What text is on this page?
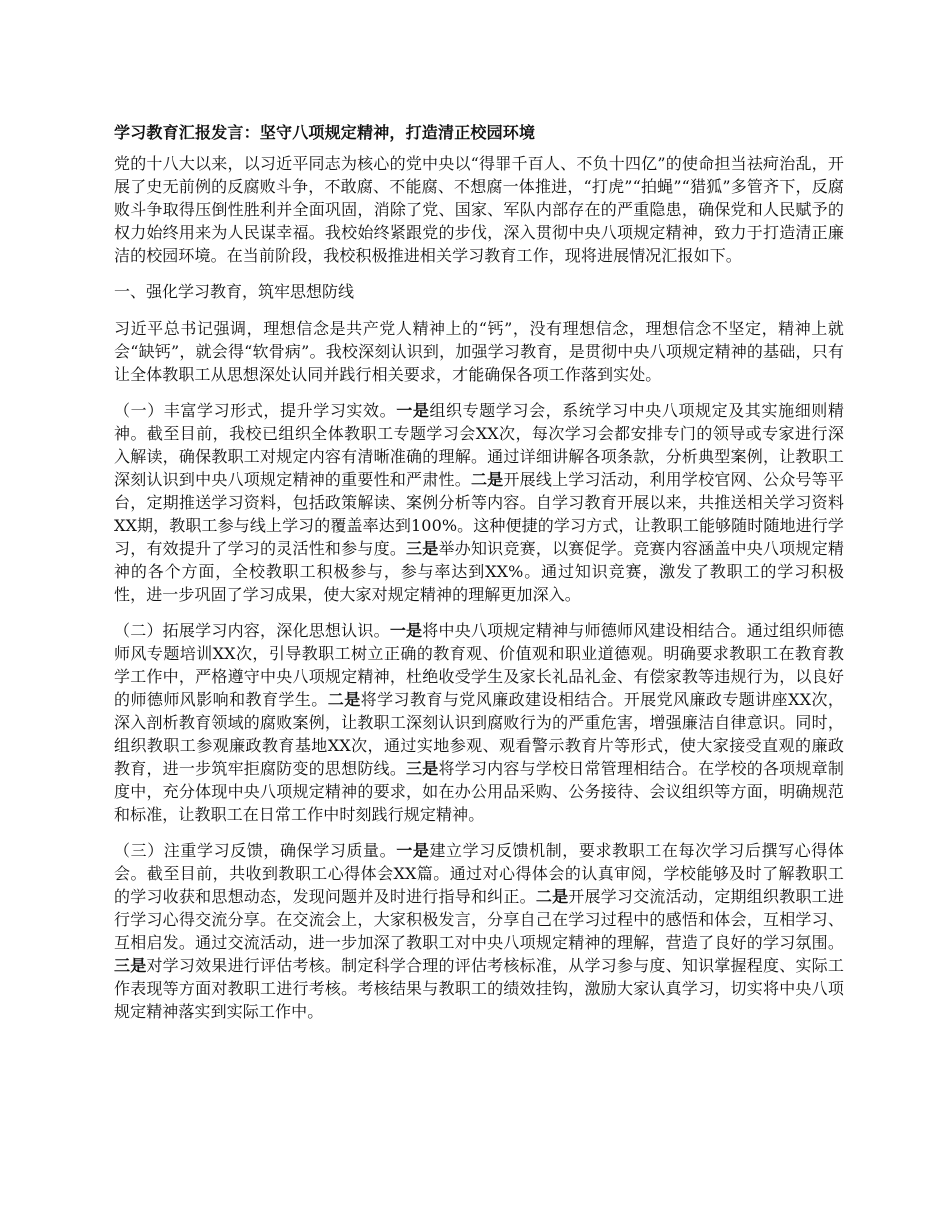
学习教育汇报发言：坚守八项规定精神，打造清正校园环境

党的十八大以来，以习近平同志为核心的党中央以“得罪千百人、不负十四亿”的使命担当祛疴治乱，开展了史无前例的反腐败斗争，不敢腐、不能腐、不想腐一体推进，“打虎”“拍蝇”“猎狐”多管齐下，反腐败斗争取得压倒性胜利并全面巩固，消除了党、国家、军队内部存在的严重隐患，确保党和人民赋予的权力始终用来为人民谋幸福。我校始终紧跟党的步伐，深入贯彻中央八项规定精神，致力于打造清正廉洁的校园环境。在当前阶段，我校积极推进相关学习教育工作，现将进展情况汇报如下。

一、强化学习教育，筑牢思想防线

习近平总书记强调，理想信念是共产党人精神上的“钙”，没有理想信念，理想信念不坚定，精神上就会“缺钙”，就会得“软骨病”。我校深刻认识到，加强学习教育，是贯彻中央八项规定精神的基础，只有让全体教职工从思想深处认同并践行相关要求，才能确保各项工作落到实处。

（一）丰富学习形式，提升学习实效。一是组织专题学习会，系统学习中央八项规定及其实施细则精神。截至目前，我校已组织全体教职工专题学习会XX次，每次学习会都安排专门的领导或专家进行深入解读，确保教职工对规定内容有清晰准确的理解。通过详细讲解各项条款，分析典型案例，让教职工深刻认识到中央八项规定精神的重要性和严肃性。二是开展线上学习活动，利用学校官网、公众号等平台，定期推送学习资料，包括政策解读、案例分析等内容。自学习教育开展以来，共推送相关学习资料XX期，教职工参与线上学习的覆盖率达到100%。这种便捷的学习方式，让教职工能够随时随地进行学习，有效提升了学习的灵活性和参与度。三是举办知识竞赛，以赛促学。竞赛内容涵盖中央八项规定精神的各个方面，全校教职工积极参与，参与率达到XX%。通过知识竞赛，激发了教职工的学习积极性，进一步巩固了学习成果，使大家对规定精神的理解更加深入。

（二）拓展学习内容，深化思想认识。一是将中央八项规定精神与师德师风建设相结合。通过组织师德师风专题培训XX次，引导教职工树立正确的教育观、价值观和职业道德观。明确要求教职工在教育教学工作中，严格遵守中央八项规定精神，杜绝收受学生及家长礼品礼金、有偿家教等违规行为，以良好的师德师风影响和教育学生。二是将学习教育与党风廉政建设相结合。开展党风廉政专题讲座XX次，深入剖析教育领域的腐败案例，让教职工深刻认识到腐败行为的严重危害，增强廉洁自律意识。同时，组织教职工参观廉政教育基地XX次，通过实地参观、观看警示教育片等形式，使大家接受直观的廉政教育，进一步筑牢拒腐防变的思想防线。三是将学习内容与学校日常管理相结合。在学校的各项规章制度中，充分体现中央八项规定精神的要求，如在办公用品采购、公务接待、会议组织等方面，明确规范和标准，让教职工在日常工作中时刻践行规定精神。

（三）注重学习反馈，确保学习质量。一是建立学习反馈机制，要求教职工在每次学习后撰写心得体会。截至目前，共收到教职工心得体会XX篇。通过对心得体会的认真审阅，学校能够及时了解教职工的学习收获和思想动态，发现问题并及时进行指导和纠正。二是开展学习交流活动，定期组织教职工进行学习心得交流分享。在交流会上，大家积极发言，分享自己在学习过程中的感悟和体会，互相学习、互相启发。通过交流活动，进一步加深了教职工对中央八项规定精神的理解，营造了良好的学习氛围。三是对学习效果进行评估考核。制定科学合理的评估考核标准，从学习参与度、知识掌握程度、实际工作表现等方面对教职工进行考核。考核结果与教职工的绩效挂钩，激励大家认真学习，切实将中央八项规定精神落实到实际工作中。
